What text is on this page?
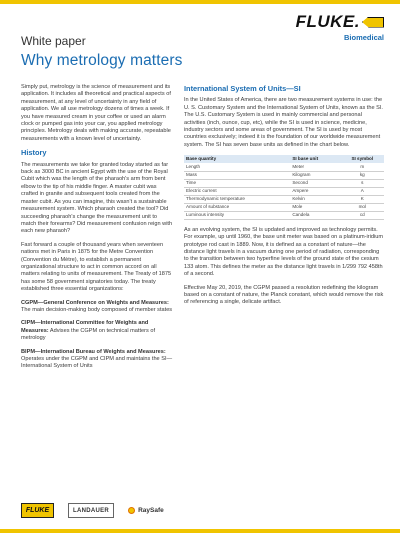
White paper
Why metrology matters
FLUKE.
Biomedical

Simply put, metrology is the science of measurement and its application. It includes all theoretical and practical aspects of measurement, at any level of uncertainty in any field of application. We all use metrology dozens of times a week. If you have measured cream in your coffee or used an alarm clock or pumped gas into your car, you applied metrology principles. Metrology deals with making accurate, repeatable measurements with a known level of uncertainty.

History

The measurements we take for granted today started as far back as 3000 BC in ancient Egypt with the use of the Royal Cubit which was the length of the pharaoh's arm from bent elbow to the tip of his middle finger. A master cubit was crafted in granite and subsequent tools created from the master cubit. As you can imagine, this wasn't a sustainable measurement system. Which pharaoh created the tool? Did succeeding pharaoh's change the measurement unit to match their forearms? Did measurement confusion reign with each new pharaoh?

Fast forward a couple of thousand years when seventeen nations met in Paris in 1875 for the Metre Convention (Convention du Mètre), to establish a permanent organizational structure to act in common accord on all matters relating to units of measurement. The Treaty of 1875 has some 58 government signatories today. The treaty established three essential organizations:

CGPM—General Conference on Weights and Measures: The main decision-making body composed of member states

CIPM—International Committee for Weights and Measures: Advises the CGPM on technical matters of metrology

BIPM—International Bureau of Weights and Measures: Operates under the CGPM and CIPM and maintains the SI—International System of Units

International System of Units—SI

In the United States of America, there are two measurement systems in use: the U. S. Customary System and the International System of Units, known as the SI. The U.S. Customary System is used in mainly commercial and personal activities (inch, ounce, cup, etc), while the SI is used in science, medicine, industry sectors and some areas of government. The SI is used by most countries exclusively; indeed it is the foundation of our worldwide measurement system. The SI has seven base units as defined in the chart below.

Base quantity	SI base unit	SI symbol
Length	Meter	m
Mass	Kilogram	kg
Time	Second	s
Electric current	Ampere	A
Thermodynamic temperature	Kelvin	K
Amount of substance	Mole	mol
Luminous intensity	Candela	cd

As an evolving system, the SI is updated and improved as technology permits. For example, up until 1960, the base unit meter was based on a platinum-iridium prototype rod cast in 1889. Now, it is defined as a constant of nature—the distance light travels in a vacuum during one period of radiation, corresponding to the transition between two hyperfine levels of the ground state of the cesium 133 atom. This defines the meter as the distance light travels in 1/299 792 458th of a second.

Effective May 20, 2019, the CGPM passed a resolution redefining the kilogram based on a constant of nature, the Planck constant, which would remove the risk of referencing a single, delicate artifact.

FLUKE	LANDAUER	RaySafe
